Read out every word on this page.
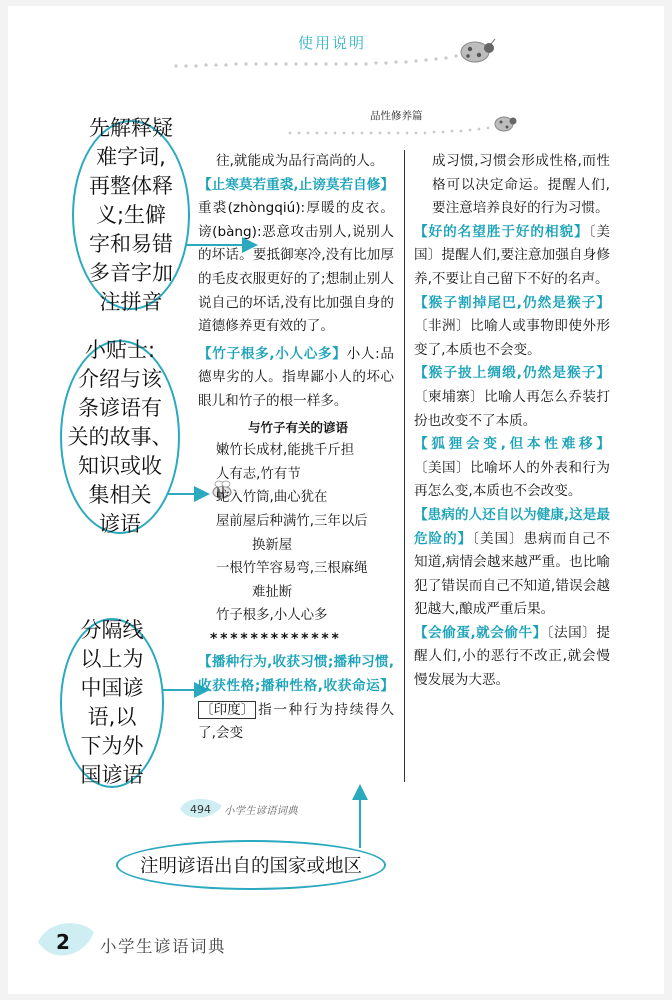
使用说明
品性修养篇
先解释疑
难字词,
再整体释
义;生僻
字和易错
多音字加
注拼音
小贴士:
介绍与该
条谚语有
关的故事、
知识或收
集相关
谚语
分隔线
以上为
中国谚
语,以
下为外
国谚语

往,就能成为品行高尚的人。

【止寒莫若重裘,止谤莫若自修】重裘(zhòngqiú):厚暖的皮衣。谤(bàng):恶意攻击别人,说别人的坏话。要抵御寒冷,没有比加厚的毛皮衣服更好的了;想制止别人说自己的坏话,没有比加强自身的道德修养更有效的了。

【竹子根多,小人心多】小人:品德卑劣的人。指卑鄙小人的坏心眼儿和竹子的根一样多。

与竹子有关的谚语
嫩竹长成材,能挑千斤担
人有志,竹有节
蛇入竹筒,曲心犹在
屋前屋后种满竹,三年以后
换新屋
一根竹竿容易弯,三根麻绳
难扯断
竹子根多,小人心多
*************

【播种行为,收获习惯;播种习惯,收获性格;播种性格,收获命运】〔印度〕 指一种行为持续得久了,会变

成习惯,习惯会形成性格,而性格可以决定命运。提醒人们,要注意培养良好的行为习惯。

【好的名望胜于好的相貌】〔美国〕提醒人们,要注意加强自身修养,不要让自己留下不好的名声。

【猴子割掉尾巴,仍然是猴子】〔非洲〕比喻人或事物即使外形变了,本质也不会变。

【猴子披上绸缎,仍然是猴子】〔柬埔寨〕比喻人再怎么乔装打扮也改变不了本质。

【狐狸会变,但本性难移】〔美国〕比喻坏人的外表和行为再怎么变,本质也不会改变。

【患病的人还自以为健康,这是最危险的】〔美国〕患病而自己不知道,病情会越来越严重。也比喻犯了错误而自己不知道,错误会越犯越大,酿成严重后果。

【会偷蛋,就会偷牛】〔法国〕提醒人们,小的恶行不改正,就会慢慢发展为大恶。

494 小学生谚语词典
注明谚语出自的国家或地区
2 小学生谚语词典
